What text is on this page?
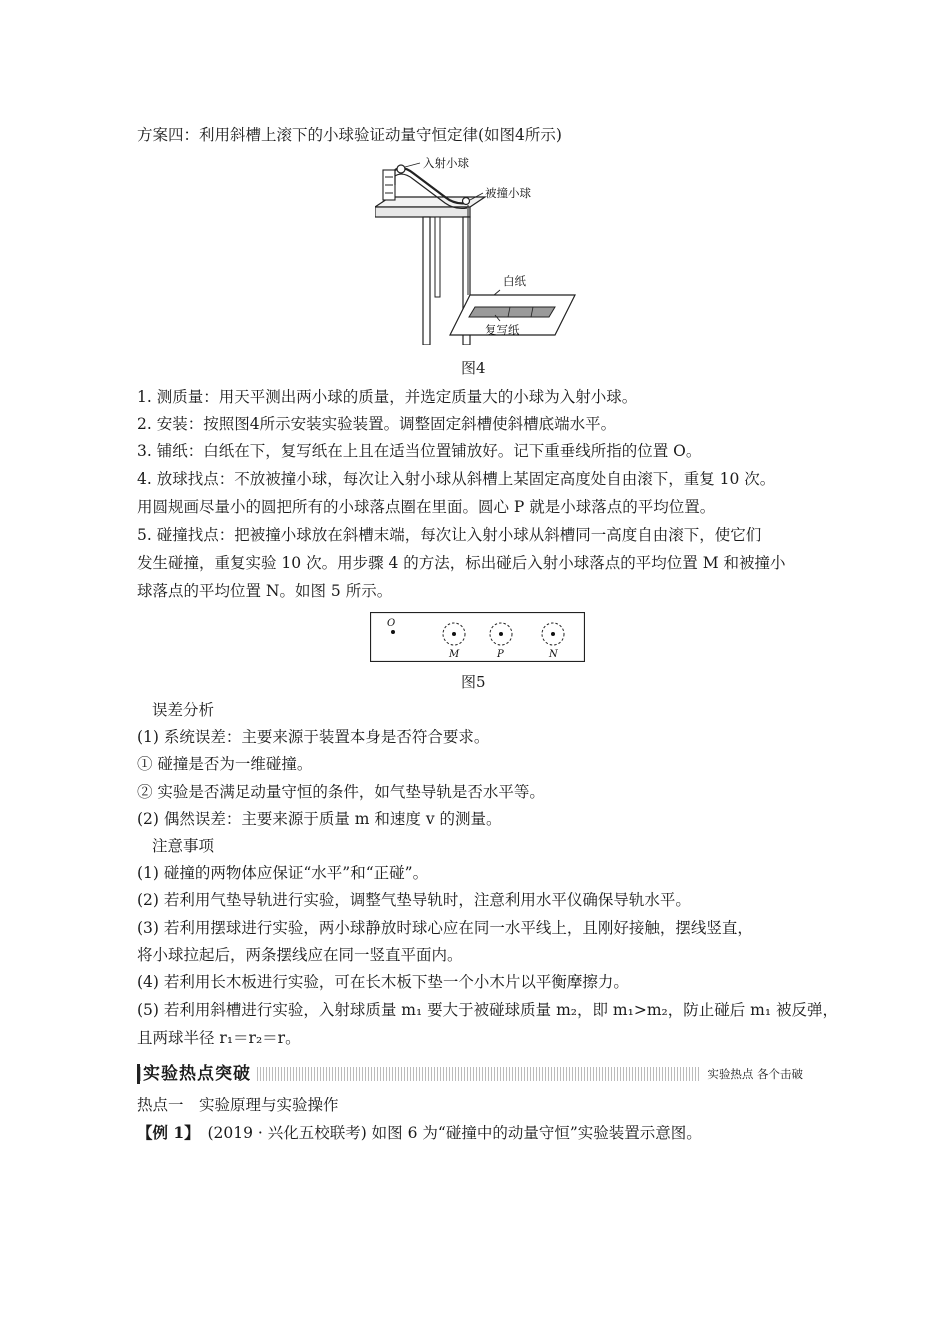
方案四：利用斜槽上滚下的小球验证动量守恒定律(如图4所示)
入射小球
被撞小球
白纸
复写纸
图4
1. 测质量：用天平测出两小球的质量，并选定质量大的小球为入射小球。
2. 安装：按照图4所示安装实验装置。调整固定斜槽使斜槽底端水平。
3. 铺纸：白纸在下，复写纸在上且在适当位置铺放好。记下重垂线所指的位置 O。
4. 放球找点：不放被撞小球，每次让入射小球从斜槽上某固定高度处自由滚下，重复 10 次。
用圆规画尽量小的圆把所有的小球落点圈在里面。圆心 P 就是小球落点的平均位置。
5. 碰撞找点：把被撞小球放在斜槽末端，每次让入射小球从斜槽同一高度自由滚下，使它们
发生碰撞，重复实验 10 次。用步骤 4 的方法，标出碰后入射小球落点的平均位置 M 和被撞小
球落点的平均位置 N。如图 5 所示。
O
M	P	N
图5
误差分析
(1) 系统误差：主要来源于装置本身是否符合要求。
① 碰撞是否为一维碰撞。
② 实验是否满足动量守恒的条件，如气垫导轨是否水平等。
(2) 偶然误差：主要来源于质量 m 和速度 v 的测量。
注意事项
(1) 碰撞的两物体应保证“水平”和“正碰”。
(2) 若利用气垫导轨进行实验，调整气垫导轨时，注意利用水平仪确保导轨水平。
(3) 若利用摆球进行实验，两小球静放时球心应在同一水平线上，且刚好接触，摆线竖直，
将小球拉起后，两条摆线应在同一竖直平面内。
(4) 若利用长木板进行实验，可在长木板下垫一个小木片以平衡摩擦力。
(5) 若利用斜槽进行实验，入射球质量 m₁ 要大于被碰球质量 m₂，即 m₁>m₂，防止碰后 m₁ 被反弹，
且两球半径 r₁＝r₂＝r。
实验热点突破	实验热点 各个击破
热点一　实验原理与实验操作
【例 1】　(2019 · 兴化五校联考) 如图 6 为“碰撞中的动量守恒”实验装置示意图。
